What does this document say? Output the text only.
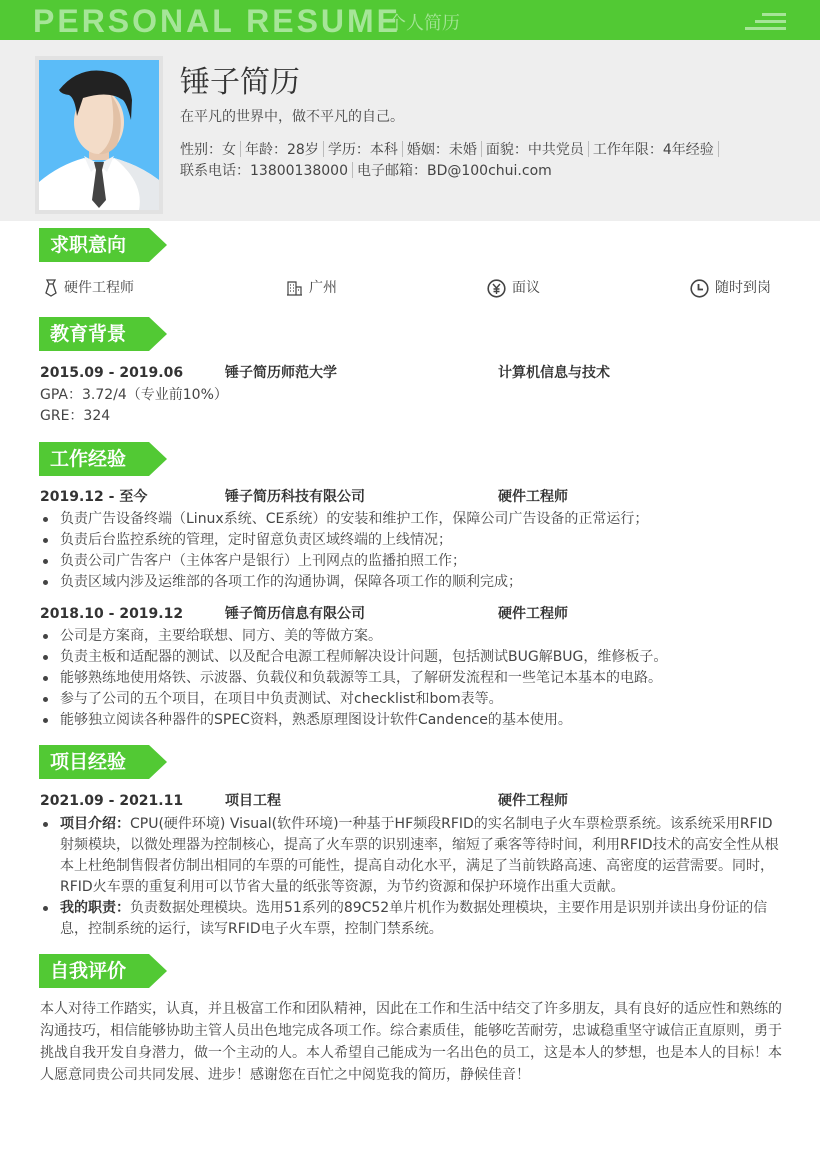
PERSONAL RESUME
个人简历
锤子简历
在平凡的世界中，做不平凡的自己。
性别：女 年龄：28岁 学历：本科 婚姻：未婚 面貌：中共党员 工作年限：4年经验
联系电话：13800138000 电子邮箱：BD@100chui.com
求职意向
硬件工程师	广州	面议	随时到岗
教育背景
2015.09 - 2019.06	锤子简历师范大学	计算机信息与技术
GPA：3.72/4（专业前10%）
GRE：324
工作经验
2019.12 - 至今	锤子简历科技有限公司	硬件工程师
负责广告设备终端（Linux系统、CE系统）的安装和维护工作，保障公司广告设备的正常运行；
负责后台监控系统的管理，定时留意负责区域终端的上线情况；
负责公司广告客户（主体客户是银行）上刊网点的监播拍照工作；
负责区域内涉及运维部的各项工作的沟通协调，保障各项工作的顺利完成；
2018.10 - 2019.12	锤子简历信息有限公司	硬件工程师
公司是方案商，主要给联想、同方、美的等做方案。
负责主板和适配器的测试、以及配合电源工程师解决设计问题，包括测试BUG解BUG，维修板子。
能够熟练地使用烙铁、示波器、负载仪和负载源等工具，了解研发流程和一些笔记本基本的电路。
参与了公司的五个项目，在项目中负责测试、对checklist和bom表等。
能够独立阅读各种器件的SPEC资料，熟悉原理图设计软件Candence的基本使用。
项目经验
2021.09 - 2021.11	项目工程	硬件工程师
项目介绍：CPU(硬件环境) Visual(软件环境)一种基于HF频段RFID的实名制电子火车票检票系统。该系统采用RFID射频模块，以微处理器为控制核心，提高了火车票的识别速率，缩短了乘客等待时间，利用RFID技术的高安全性从根本上杜绝制售假者仿制出相同的车票的可能性，提高自动化水平，满足了当前铁路高速、高密度的运营需要。同时，RFID火车票的重复利用可以节省大量的纸张等资源，为节约资源和保护环境作出重大贡献。
我的职责：负责数据处理模块。选用51系列的89C52单片机作为数据处理模块，主要作用是识别并读出身份证的信息，控制系统的运行，读写RFID电子火车票，控制门禁系统。
自我评价
本人对待工作踏实，认真，并且极富工作和团队精神，因此在工作和生活中结交了许多朋友，具有良好的适应性和熟练的沟通技巧，相信能够协助主管人员出色地完成各项工作。综合素质佳，能够吃苦耐劳，忠诚稳重坚守诚信正直原则，勇于挑战自我开发自身潜力，做一个主动的人。本人希望自己能成为一名出色的员工，这是本人的梦想，也是本人的目标！本人愿意同贵公司共同发展、进步！感谢您在百忙之中阅览我的简历，静候佳音！
